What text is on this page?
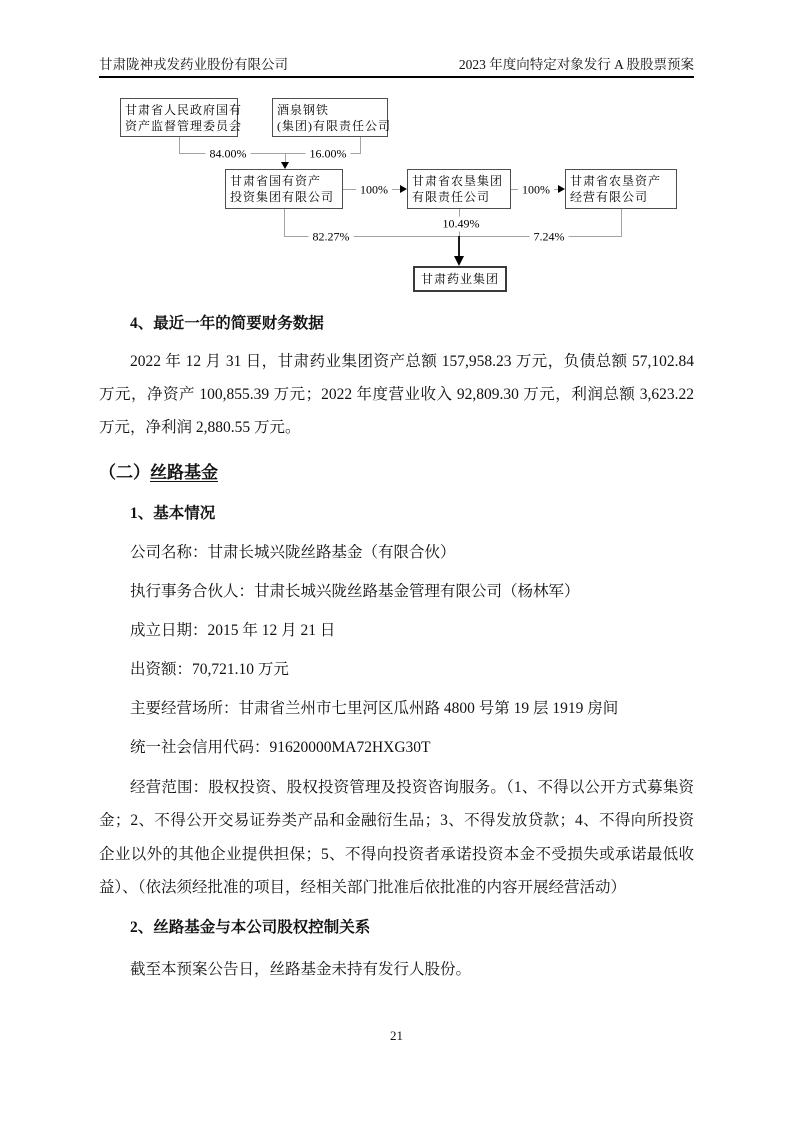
甘肃陇神戎发药业股份有限公司	2023 年度向特定对象发行 A 股股票预案
84.00%	16.00%
100%	100%
82.27%
10.49%
7.24%
甘肃省人民政府国有
资产监督管理委员会
酒泉钢铁
(集团)有限责任公司
甘肃省国有资产
投资集团有限公司
甘肃省农垦集团
有限责任公司
甘肃省农垦资产
经营有限公司
甘肃药业集团
4、最近一年的简要财务数据

2022 年 12 月 31 日，甘肃药业集团资产总额 157,958.23 万元，负债总额 57,102.84 万元，净资产 100,855.39 万元；2022 年度营业收入 92,809.30 万元，利润总额 3,623.22 万元，净利润 2,880.55 万元。

（二）丝路基金
1、基本情况

公司名称：甘肃长城兴陇丝路基金（有限合伙）

执行事务合伙人：甘肃长城兴陇丝路基金管理有限公司（杨林军）

成立日期：2015 年 12 月 21 日

出资额：70,721.10 万元

主要经营场所：甘肃省兰州市七里河区瓜州路 4800 号第 19 层 1919 房间

统一社会信用代码：91620000MA72HXG30T

经营范围：股权投资、股权投资管理及投资咨询服务。（1、不得以公开方式募集资金；2、不得公开交易证券类产品和金融衍生品；3、不得发放贷款；4、不得向所投资企业以外的其他企业提供担保；5、不得向投资者承诺投资本金不受损失或承诺最低收益）、（依法须经批准的项目，经相关部门批准后依批准的内容开展经营活动）

2、丝路基金与本公司股权控制关系

截至本预案公告日，丝路基金未持有发行人股份。

21
